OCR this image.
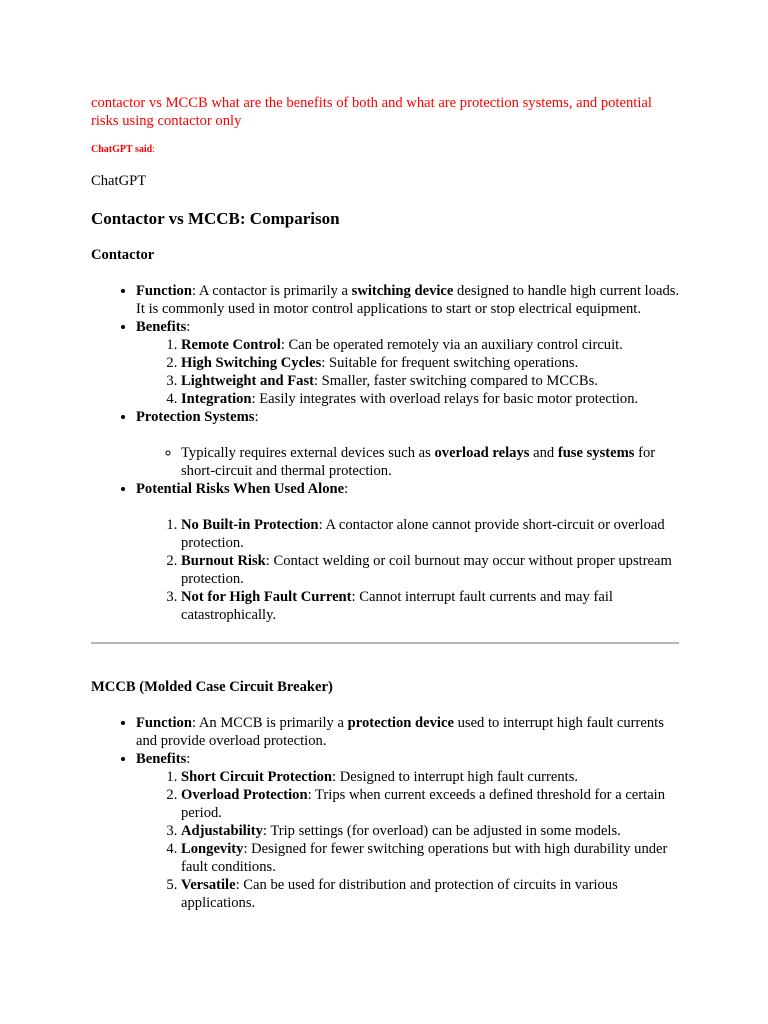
contactor vs MCCB what are the benefits of both and what are protection systems, and potential risks using contactor only

ChatGPT said:

ChatGPT

Contactor vs MCCB: Comparison
Contactor
• Function: A contactor is primarily a switching device designed to handle high current loads. It is commonly used in motor control applications to start or stop electrical equipment.
• Benefits:
1. Remote Control: Can be operated remotely via an auxiliary control circuit.
2. High Switching Cycles: Suitable for frequent switching operations.
3. Lightweight and Fast: Smaller, faster switching compared to MCCBs.
4. Integration: Easily integrates with overload relays for basic motor protection.
• Protection Systems:
◦ Typically requires external devices such as overload relays and fuse systems for short-circuit and thermal protection.
• Potential Risks When Used Alone:
1. No Built-in Protection: A contactor alone cannot provide short-circuit or overload protection.
2. Burnout Risk: Contact welding or coil burnout may occur without proper upstream protection.
3. Not for High Fault Current: Cannot interrupt fault currents and may fail catastrophically.
MCCB (Molded Case Circuit Breaker)
• Function: An MCCB is primarily a protection device used to interrupt high fault currents and provide overload protection.
• Benefits:
1. Short Circuit Protection: Designed to interrupt high fault currents.
2. Overload Protection: Trips when current exceeds a defined threshold for a certain period.
3. Adjustability: Trip settings (for overload) can be adjusted in some models.
4. Longevity: Designed for fewer switching operations but with high durability under fault conditions.
5. Versatile: Can be used for distribution and protection of circuits in various applications.
